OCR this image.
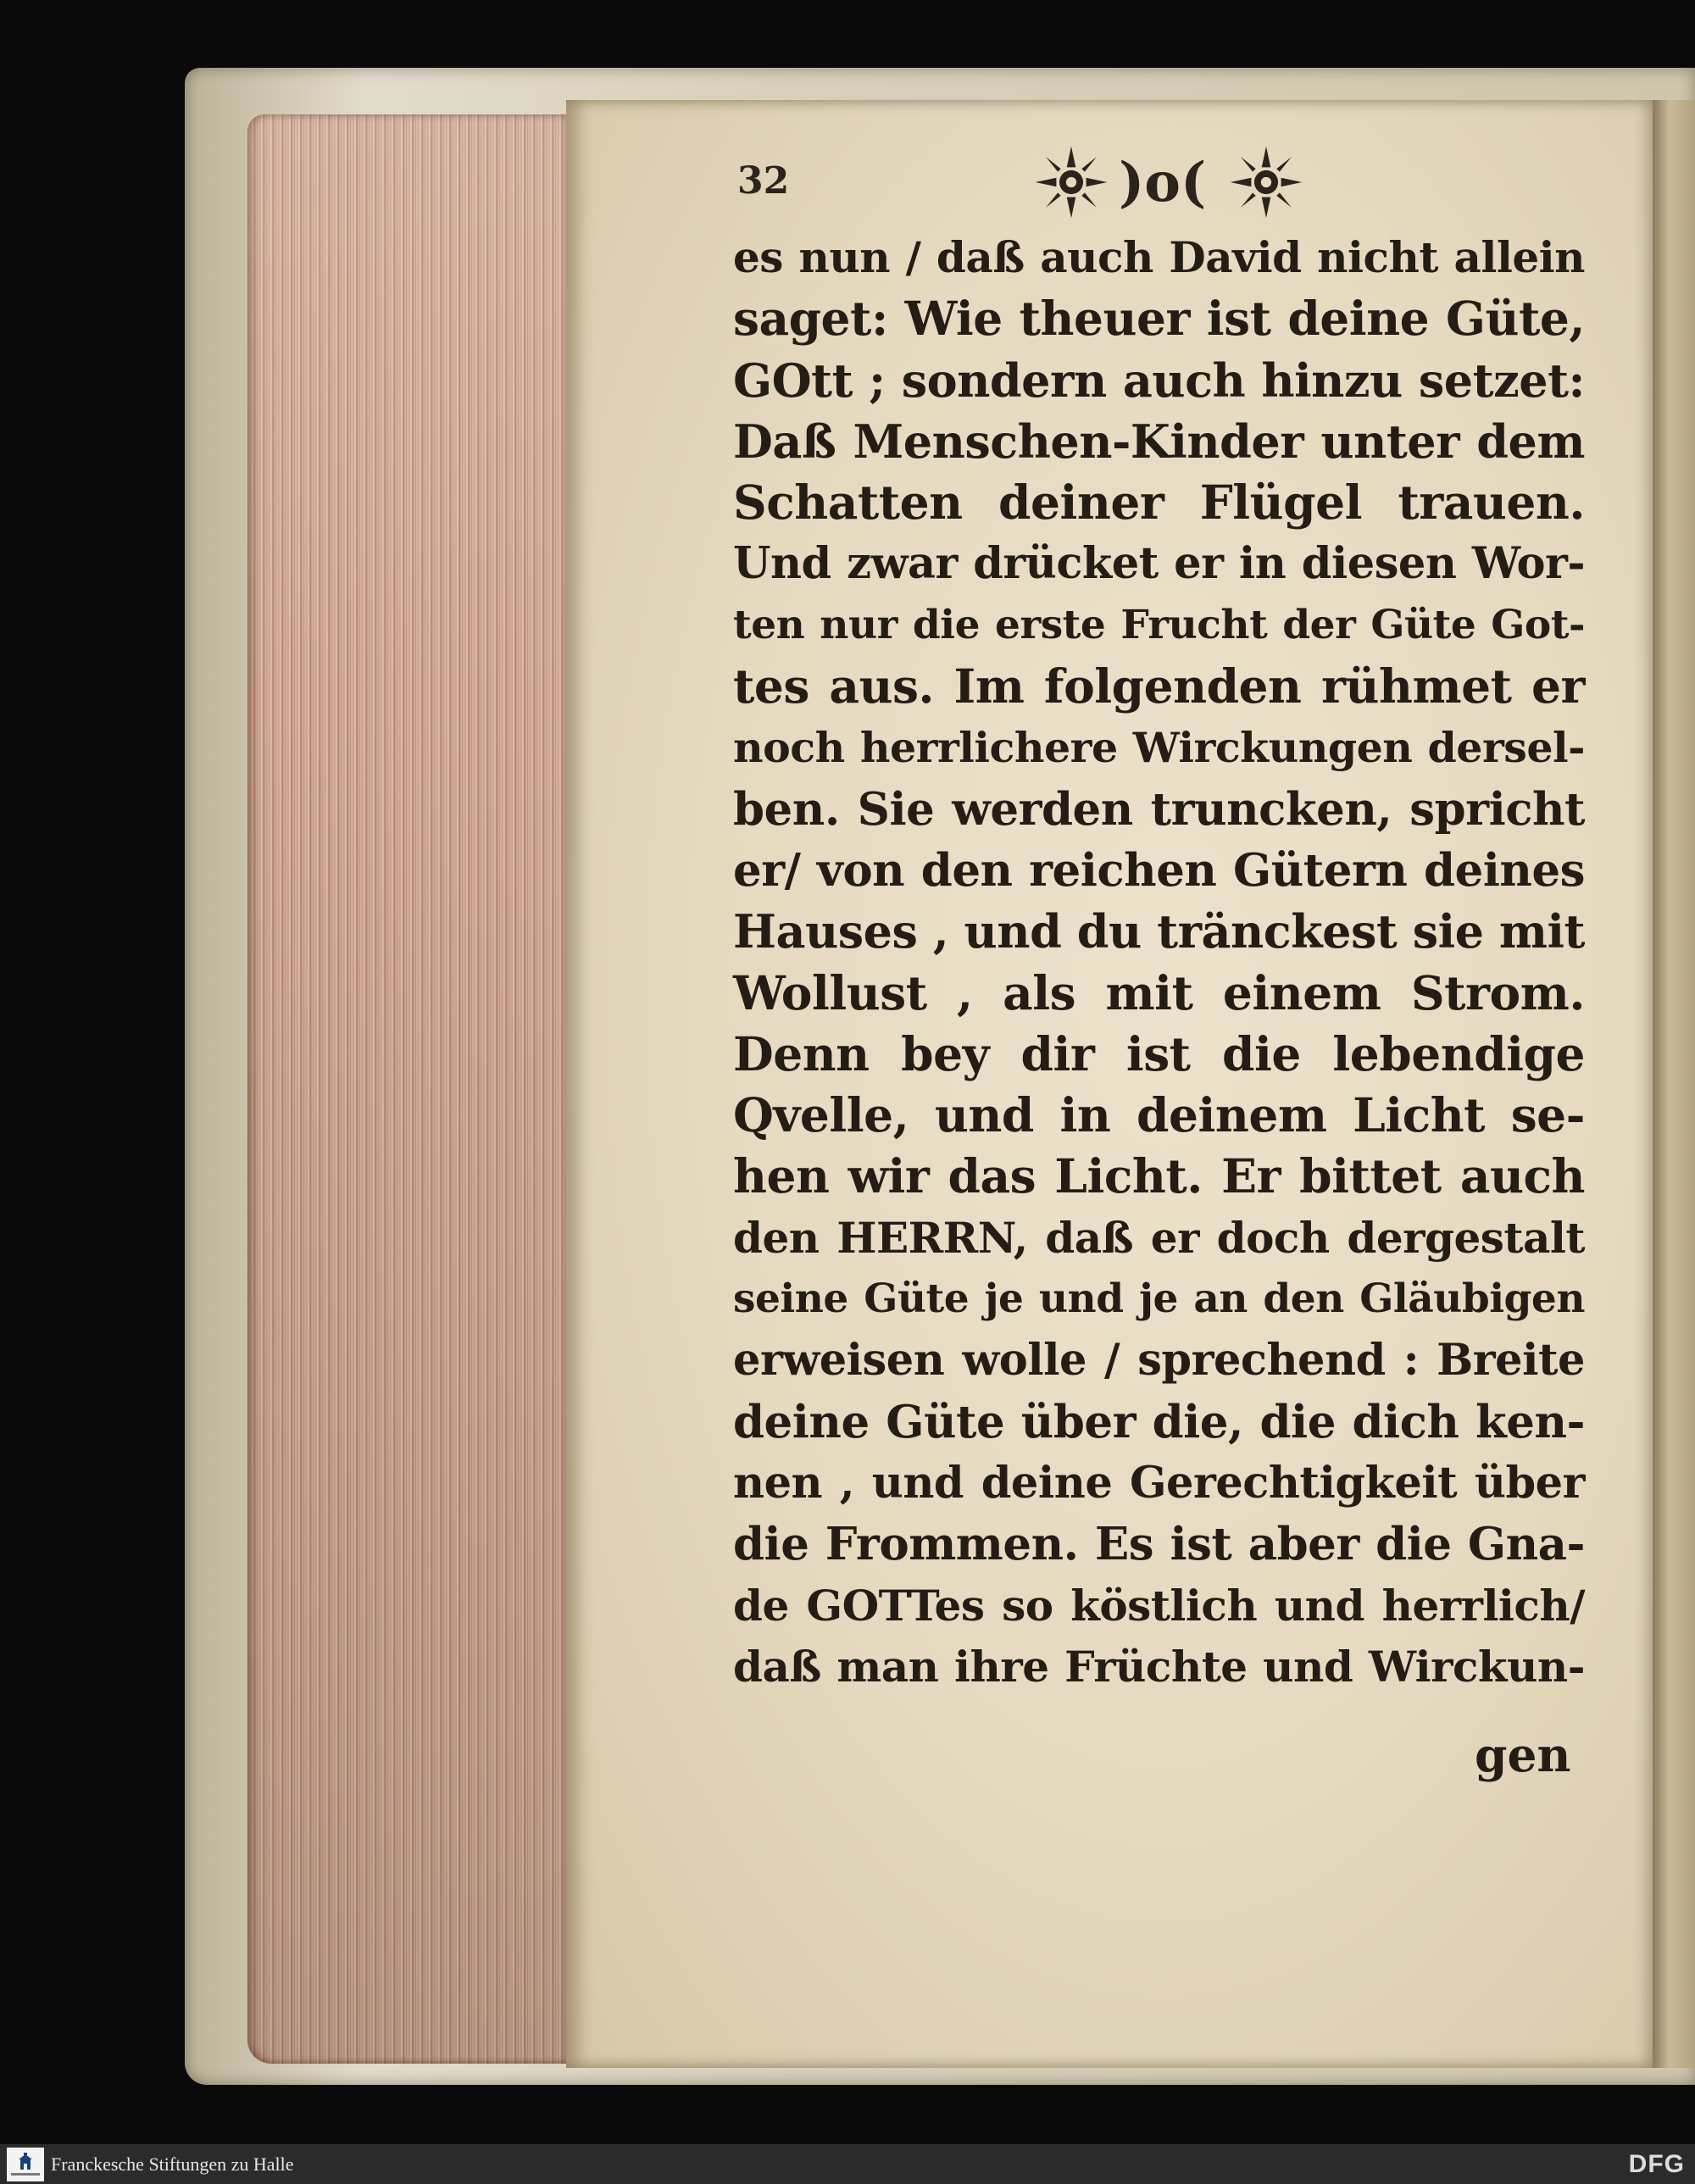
32	)o(
es nun / daß auch David nicht allein
saget: Wie theuer ist deine Güte,
GOtt ; sondern auch hinzu setzet:
Daß Menschen-Kinder unter dem
Schatten deiner Flügel trauen.
Und zwar drücket er in diesen Wor-
ten nur die erste Frucht der Güte Got-
tes aus. Im folgenden rühmet er
noch herrlichere Wirckungen dersel-
ben. Sie werden truncken, spricht
er/ von den reichen Gütern deines
Hauses , und du tränckest sie mit
Wollust , als mit einem Strom.
Denn bey dir ist die lebendige
Qvelle, und in deinem Licht se-
hen wir das Licht. Er bittet auch
den HERRN, daß er doch dergestalt
seine Güte je und je an den Gläubigen
erweisen wolle / sprechend : Breite
deine Güte über die, die dich ken-
nen , und deine Gerechtigkeit über
die Frommen. Es ist aber die Gna-
de GOTTes so köstlich und herrlich/
daß man ihre Früchte und Wirckun-
gen
Franckesche Stiftungen zu Halle	DFG
